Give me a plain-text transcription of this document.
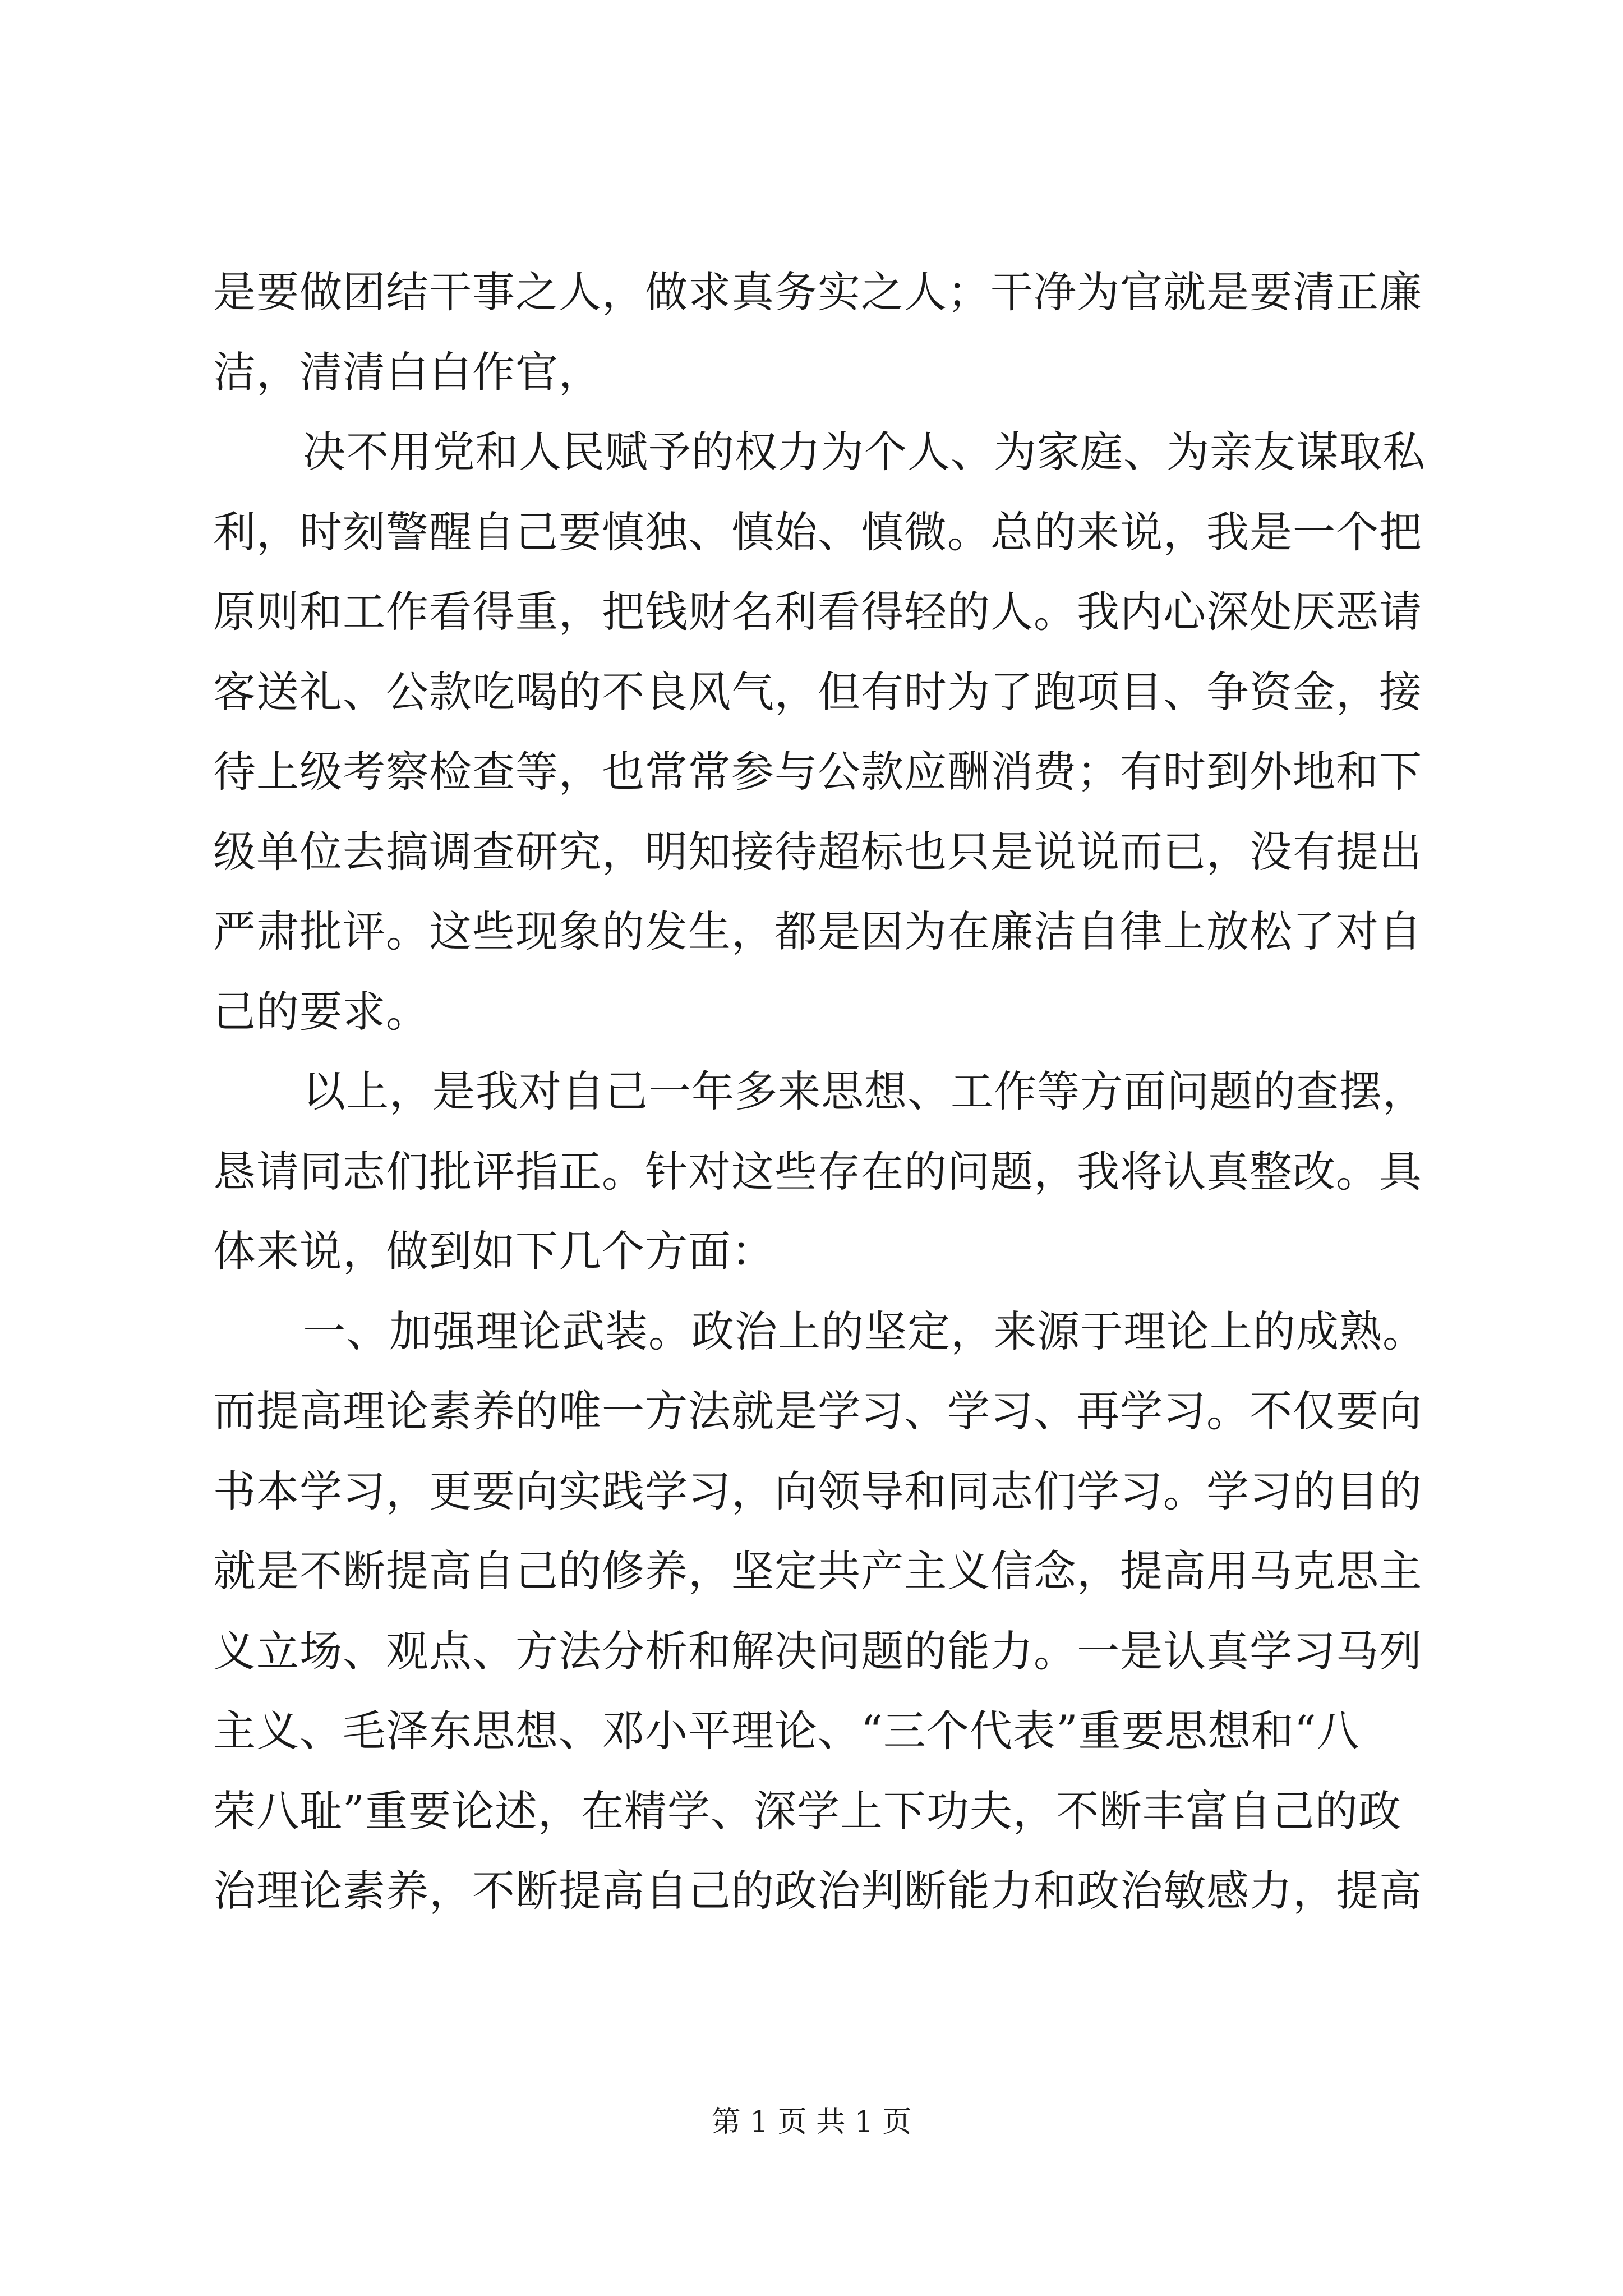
是要做团结干事之人，做求真务实之人；干净为官就是要清正廉
洁，清清白白作官，
决不用党和人民赋予的权力为个人、为家庭、为亲友谋取私
利，时刻警醒自己要慎独、慎始、慎微。总的来说，我是一个把
原则和工作看得重，把钱财名利看得轻的人。我内心深处厌恶请
客送礼、公款吃喝的不良风气，但有时为了跑项目、争资金，接
待上级考察检查等，也常常参与公款应酬消费；有时到外地和下
级单位去搞调查研究，明知接待超标也只是说说而已，没有提出
严肃批评。这些现象的发生，都是因为在廉洁自律上放松了对自
己的要求。
以上，是我对自己一年多来思想、工作等方面问题的查摆，
恳请同志们批评指正。针对这些存在的问题，我将认真整改。具
体来说，做到如下几个方面：
一、加强理论武装。政治上的坚定，来源于理论上的成熟。
而提高理论素养的唯一方法就是学习、学习、再学习。不仅要向
书本学习，更要向实践学习，向领导和同志们学习。学习的目的
就是不断提高自己的修养，坚定共产主义信念，提高用马克思主
义立场、观点、方法分析和解决问题的能力。一是认真学习马列
主义、毛泽东思想、邓小平理论、“三个代表”重要思想和“八
荣八耻”重要论述，在精学、深学上下功夫，不断丰富自己的政
治理论素养，不断提高自己的政治判断能力和政治敏感力，提高
第 1 页 共 1 页
